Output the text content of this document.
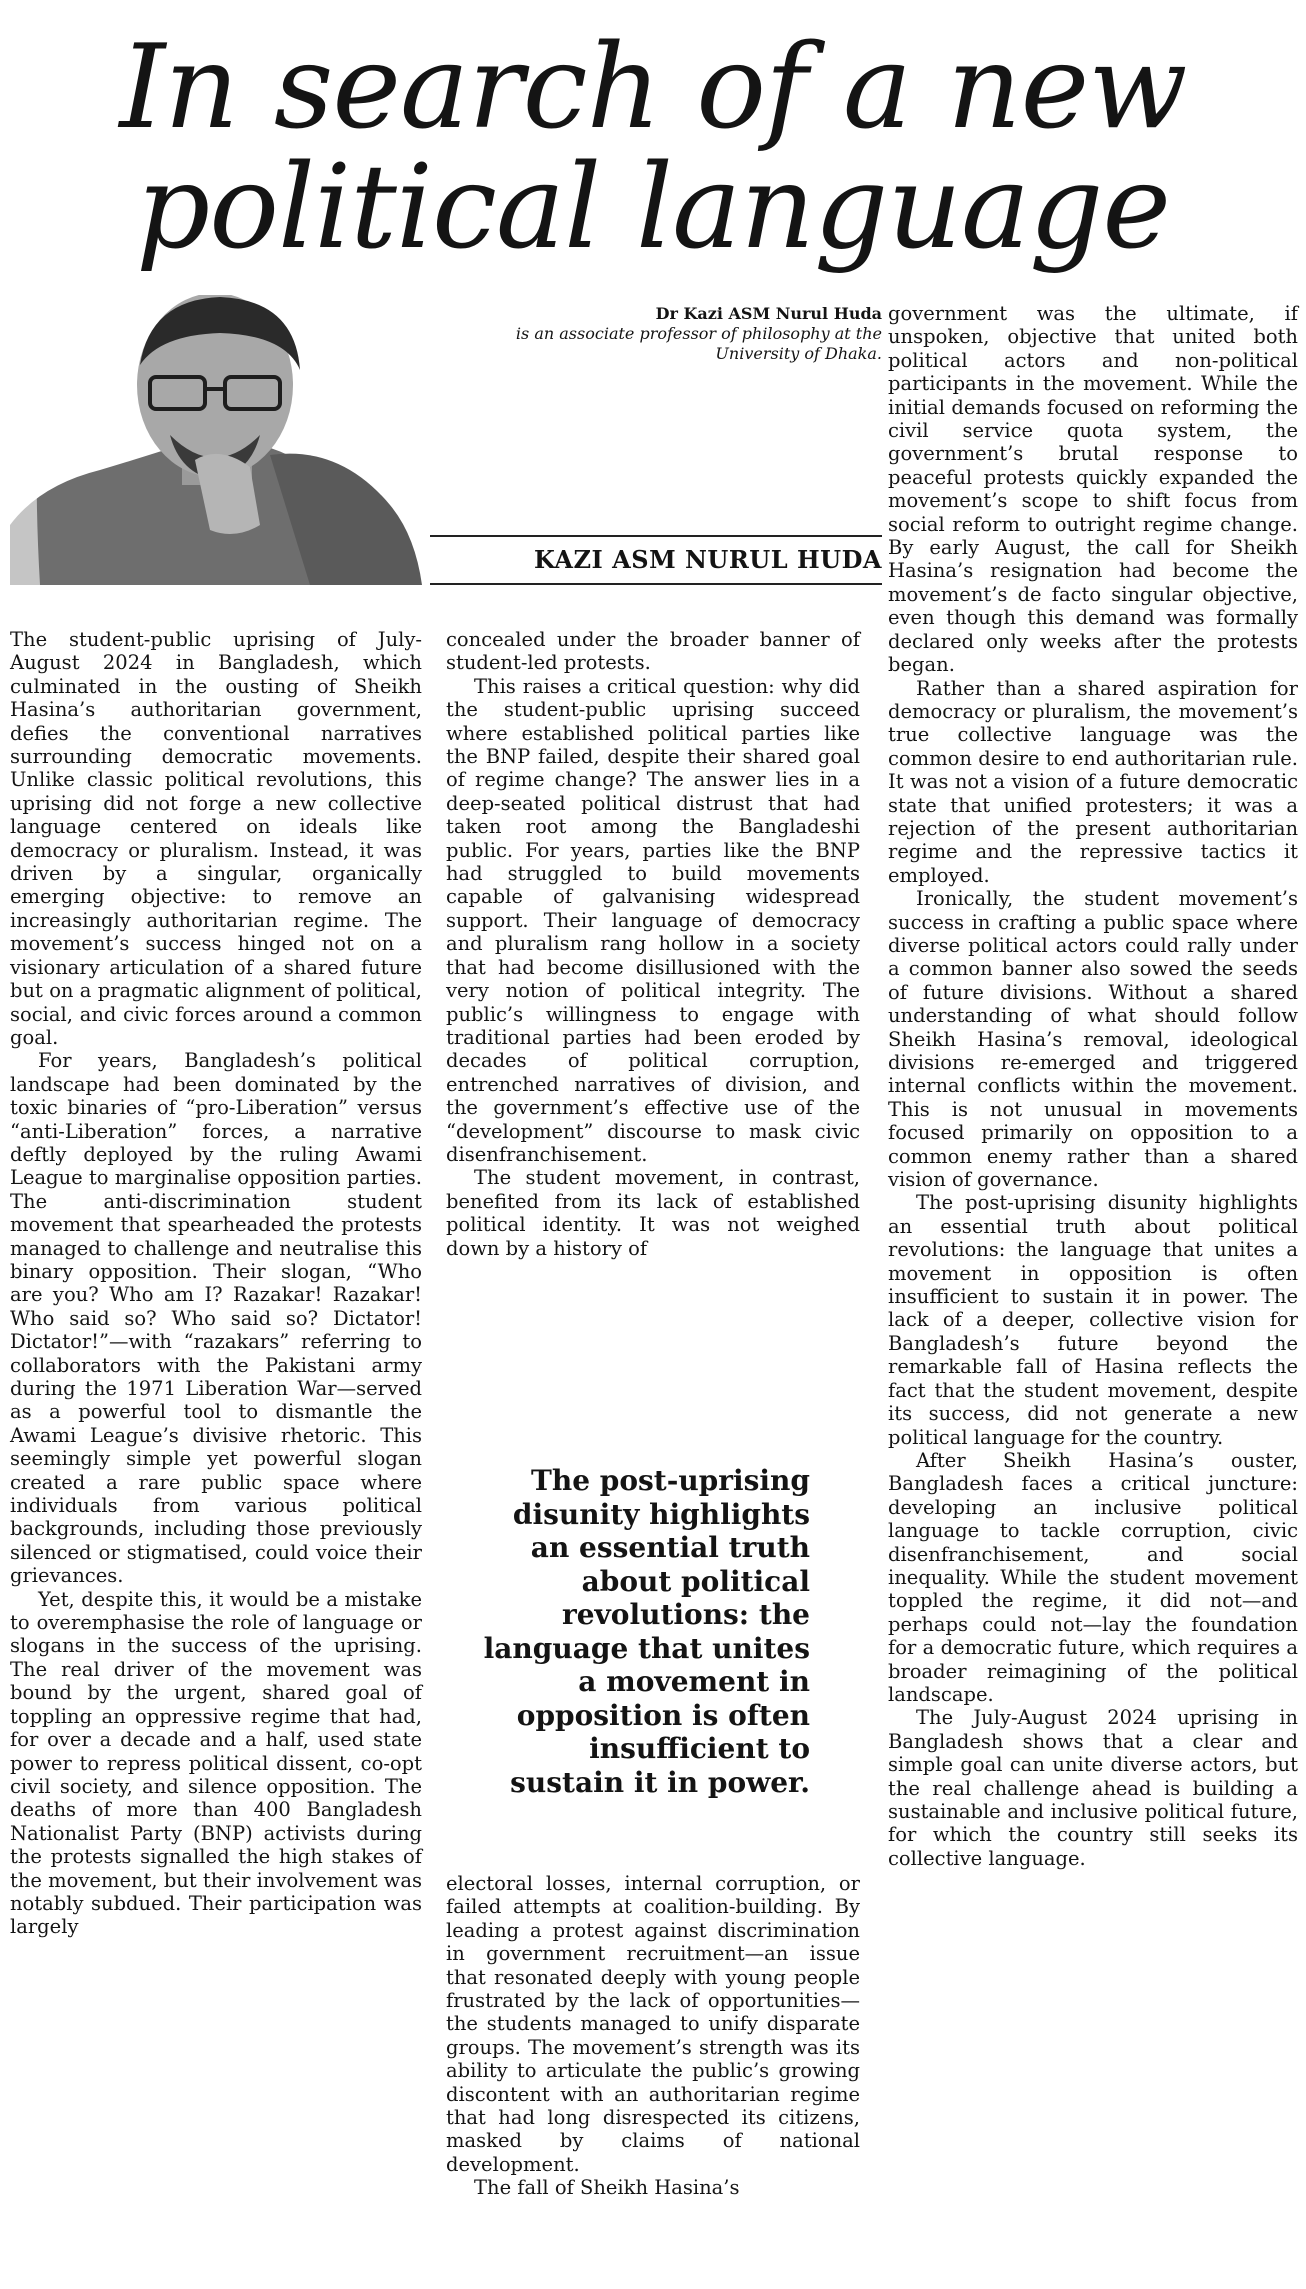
In search of a new
political language
Dr Kazi ASM Nurul Huda
is an associate professor of philosophy at the University of Dhaka.
KAZI ASM NURUL HUDA

The student-public uprising of July-August 2024 in Bangladesh, which culminated in the ousting of Sheikh Hasina’s authoritarian government, defies the conventional narratives surrounding democratic movements. Unlike classic political revolutions, this uprising did not forge a new collective language centered on ideals like democracy or pluralism. Instead, it was driven by a singular, organically emerging objective: to remove an increasingly authoritarian regime. The movement’s success hinged not on a visionary articulation of a shared future but on a pragmatic alignment of political, social, and civic forces around a common goal.

For years, Bangladesh’s political landscape had been dominated by the toxic binaries of “pro-Liberation” versus “anti-Liberation” forces, a narrative deftly deployed by the ruling Awami League to marginalise opposition parties. The anti-discrimination student movement that spearheaded the protests managed to challenge and neutralise this binary opposition. Their slogan, “Who are you? Who am I? Razakar! Razakar! Who said so? Who said so? Dictator! Dictator!”—with “razakars” referring to collaborators with the Pakistani army during the 1971 Liberation War—served as a powerful tool to dismantle the Awami League’s divisive rhetoric. This seemingly simple yet powerful slogan created a rare public space where individuals from various political backgrounds, including those previously silenced or stigmatised, could voice their grievances.

Yet, despite this, it would be a mistake to overemphasise the role of language or slogans in the success of the uprising. The real driver of the movement was bound by the urgent, shared goal of toppling an oppressive regime that had, for over a decade and a half, used state power to repress political dissent, co-opt civil society, and silence opposition. The deaths of more than 400 Bangladesh Nationalist Party (BNP) activists during the protests signalled the high stakes of the movement, but their involvement was notably subdued. Their participation was largely

concealed under the broader banner of student-led protests.

This raises a critical question: why did the student-public uprising succeed where established political parties like the BNP failed, despite their shared goal of regime change? The answer lies in a deep-seated political distrust that had taken root among the Bangladeshi public. For years, parties like the BNP had struggled to build movements capable of galvanising widespread support. Their language of democracy and pluralism rang hollow in a society that had become disillusioned with the very notion of political integrity. The public’s willingness to engage with traditional parties had been eroded by decades of political corruption, entrenched narratives of division, and the government’s effective use of the “development” discourse to mask civic disenfranchisement.

The student movement, in contrast, benefited from its lack of established political identity. It was not weighed down by a history of

The post-uprising disunity highlights an essential truth about political revolutions: the language that unites a movement in opposition is often insufficient to sustain it in power.

electoral losses, internal corruption, or failed attempts at coalition-building. By leading a protest against discrimination in government recruitment—an issue that resonated deeply with young people frustrated by the lack of opportunities—the students managed to unify disparate groups. The movement’s strength was its ability to articulate the public’s growing discontent with an authoritarian regime that had long disrespected its citizens, masked by claims of national development.

The fall of Sheikh Hasina’s

government was the ultimate, if unspoken, objective that united both political actors and non-political participants in the movement. While the initial demands focused on reforming the civil service quota system, the government’s brutal response to peaceful protests quickly expanded the movement’s scope to shift focus from social reform to outright regime change. By early August, the call for Sheikh Hasina’s resignation had become the movement’s de facto singular objective, even though this demand was formally declared only weeks after the protests began.

Rather than a shared aspiration for democracy or pluralism, the movement’s true collective language was the common desire to end authoritarian rule. It was not a vision of a future democratic state that unified protesters; it was a rejection of the present authoritarian regime and the repressive tactics it employed.

Ironically, the student movement’s success in crafting a public space where diverse political actors could rally under a common banner also sowed the seeds of future divisions. Without a shared understanding of what should follow Sheikh Hasina’s removal, ideological divisions re-emerged and triggered internal conflicts within the movement. This is not unusual in movements focused primarily on opposition to a common enemy rather than a shared vision of governance.

The post-uprising disunity highlights an essential truth about political revolutions: the language that unites a movement in opposition is often insufficient to sustain it in power. The lack of a deeper, collective vision for Bangladesh’s future beyond the remarkable fall of Hasina reflects the fact that the student movement, despite its success, did not generate a new political language for the country.

After Sheikh Hasina’s ouster, Bangladesh faces a critical juncture: developing an inclusive political language to tackle corruption, civic disenfranchisement, and social inequality. While the student movement toppled the regime, it did not—and perhaps could not—lay the foundation for a democratic future, which requires a broader reimagining of the political landscape.

The July-August 2024 uprising in Bangladesh shows that a clear and simple goal can unite diverse actors, but the real challenge ahead is building a sustainable and inclusive political future, for which the country still seeks its collective language.
